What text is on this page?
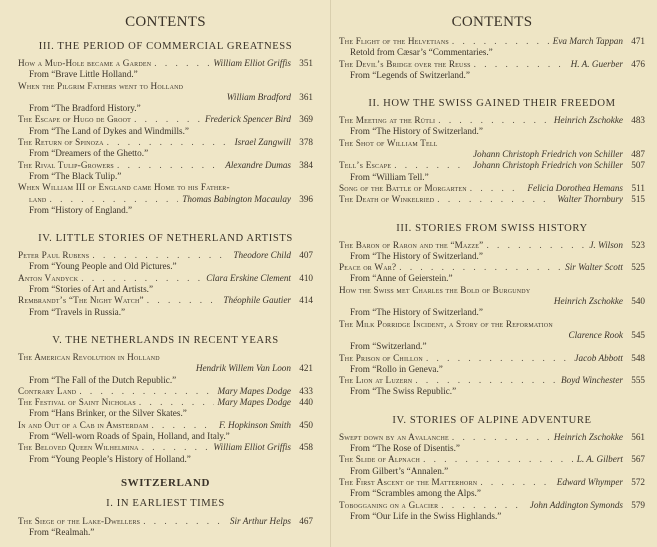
CONTENTS
III. THE PERIOD OF COMMERCIAL GREATNESS
How a Mud-Hole became a Garden . . .	William Elliot Griffis 351
From “Brave Little Holland.”
When the Pilgrim Fathers went to Holland
William Bradford 361
From “The Bradford History.”
The Escape of Hugo de Groot . . .	Frederick Spencer Bird 369
From “The Land of Dykes and Windmills.”
The Return of Spinoza . . .	Israel Zangwill 378
From “Dreamers of the Ghetto.”
The Rival Tulip-Growers . . .	Alexandre Dumas 384
From “The Black Tulip.”
When William III of England came Home to his Father-
land . . .	Thomas Babington Macaulay 396
From “History of England.”
IV. LITTLE STORIES OF NETHERLAND ARTISTS
Peter Paul Rubens . . .	Theodore Child 407
From “Young People and Old Pictures.”
Anton Vandyck . . .	Clara Erskine Clement 410
From “Stories of Art and Artists.”
Rembrandt’s “The Night Watch” . . .	Théophile Gautier 414
From “Travels in Russia.”
V. THE NETHERLANDS IN RECENT YEARS
The American Revolution in Holland
Hendrik Willem Van Loon 421
From “The Fall of the Dutch Republic.”
Contrary Land . . .	Mary Mapes Dodge 433
The Festival of Saint Nicholas . . .	Mary Mapes Dodge 440
From “Hans Brinker, or the Silver Skates.”
In and Out of a Cab in Amsterdam . . .	F. Hopkinson Smith 450
From “Well-worn Roads of Spain, Holland, and Italy.”
The Beloved Queen Wilhelmina . . .	William Elliot Griffis 458
From “Young People’s History of Holland.”
SWITZERLAND
I. IN EARLIEST TIMES
The Siege of the Lake-Dwellers . . .	Sir Arthur Helps 467
From “Realmah.”
CONTENTS
The Flight of the Helvetians . . .	Eva March Tappan 471
Retold from Cæsar’s “Commentaries.”
The Devil’s Bridge over the Reuss . . .	H. A. Guerber 476
From “Legends of Switzerland.”
II. HOW THE SWISS GAINED THEIR FREEDOM
The Meeting at the Rütli . . .	Heinrich Zschokke 483
From “The History of Switzerland.”
The Shot of William Tell
Johann Christoph Friedrich von Schiller 487
Tell’s Escape . . .	Johann Christoph Friedrich von Schiller 507
From “William Tell.”
Song of the Battle of Morgarten . . .	Felicia Dorothea Hemans 511
The Death of Winkelried . . .	Walter Thornbury 515
III. STORIES FROM SWISS HISTORY
The Baron of Raron and the “Mazze” . . .	J. Wilson 523
From “The History of Switzerland.”
Peace or War? . . .	Sir Walter Scott 525
From “Anne of Geierstein.”
How the Swiss met Charles the Bold of Burgundy
Heinrich Zschokke 540
From “The History of Switzerland.”
The Milk Porridge Incident, a Story of the Reformation
Clarence Rook 545
From “Switzerland.”
The Prison of Chillon . . .	Jacob Abbott 548
From “Rollo in Geneva.”
The Lion at Luzern . . .	Boyd Winchester 555
From “The Swiss Republic.”
IV. STORIES OF ALPINE ADVENTURE
Swept down by an Avalanche . . .	Heinrich Zschokke 561
From “The Rose of Disentis.”
The Slide of Alpnach . . .	L. A. Gilbert 567
From Gilbert’s “Annalen.”
The First Ascent of the Matterhorn . . .	Edward Whymper 572
From “Scrambles among the Alps.”
Tobogganing on a Glacier . . .	John Addington Symonds 579
From “Our Life in the Swiss Highlands.”
